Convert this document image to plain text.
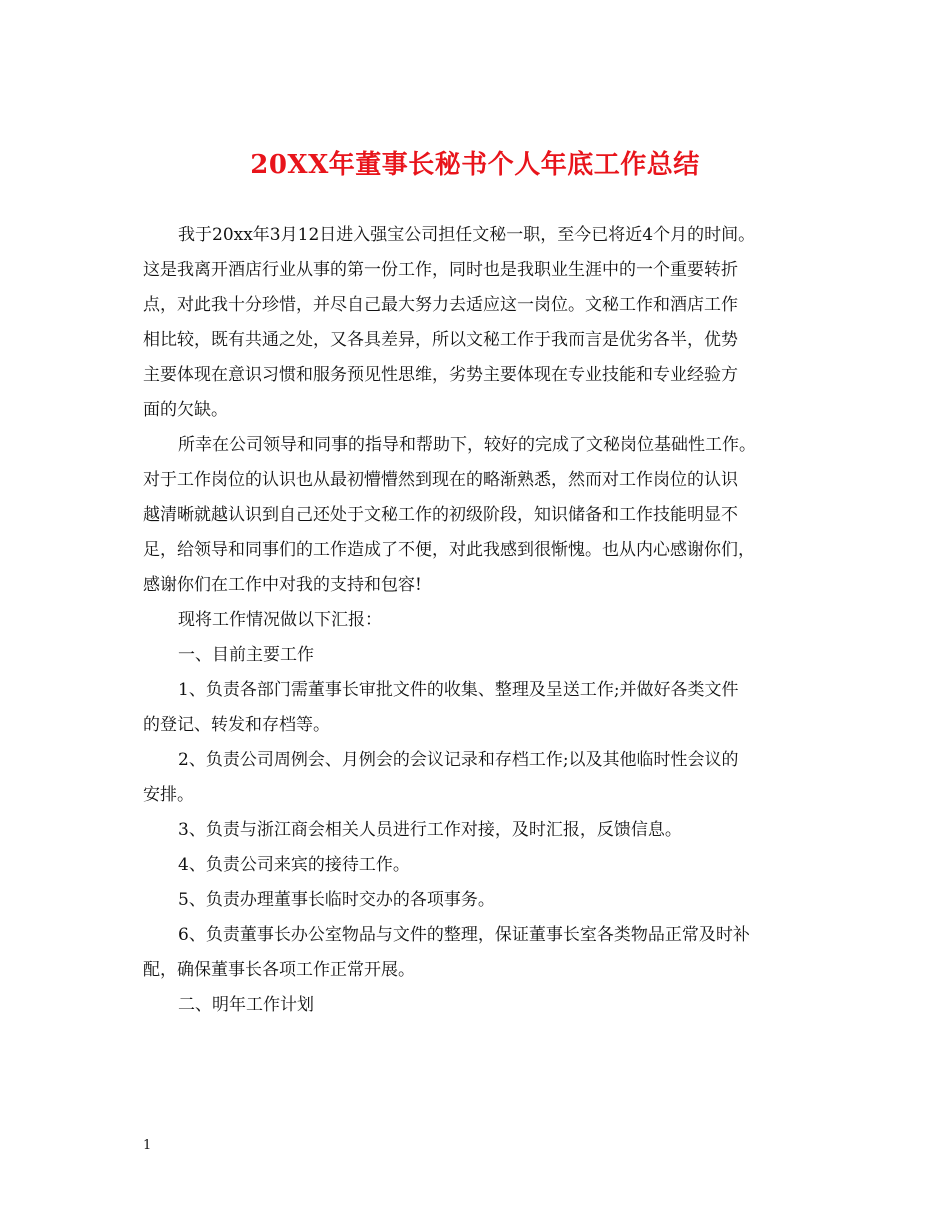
20XX年董事长秘书个人年底工作总结
我于20xx年3月12日进入强宝公司担任文秘一职，至今已将近4个月的时间。
这是我离开酒店行业从事的第一份工作，同时也是我职业生涯中的一个重要转折
点，对此我十分珍惜，并尽自己最大努力去适应这一岗位。文秘工作和酒店工作
相比较，既有共通之处，又各具差异，所以文秘工作于我而言是优劣各半，优势
主要体现在意识习惯和服务预见性思维，劣势主要体现在专业技能和专业经验方
面的欠缺。
所幸在公司领导和同事的指导和帮助下，较好的完成了文秘岗位基础性工作。
对于工作岗位的认识也从最初懵懵然到现在的略渐熟悉，然而对工作岗位的认识
越清晰就越认识到自己还处于文秘工作的初级阶段，知识储备和工作技能明显不
足，给领导和同事们的工作造成了不便，对此我感到很惭愧。也从内心感谢你们，
感谢你们在工作中对我的支持和包容!
现将工作情况做以下汇报：
一、目前主要工作
1、负责各部门需董事长审批文件的收集、整理及呈送工作;并做好各类文件
的登记、转发和存档等。
2、负责公司周例会、月例会的会议记录和存档工作;以及其他临时性会议的
安排。
3、负责与浙江商会相关人员进行工作对接，及时汇报，反馈信息。
4、负责公司来宾的接待工作。
5、负责办理董事长临时交办的各项事务。
6、负责董事长办公室物品与文件的整理，保证董事长室各类物品正常及时补
配，确保董事长各项工作正常开展。
二、明年工作计划
1
